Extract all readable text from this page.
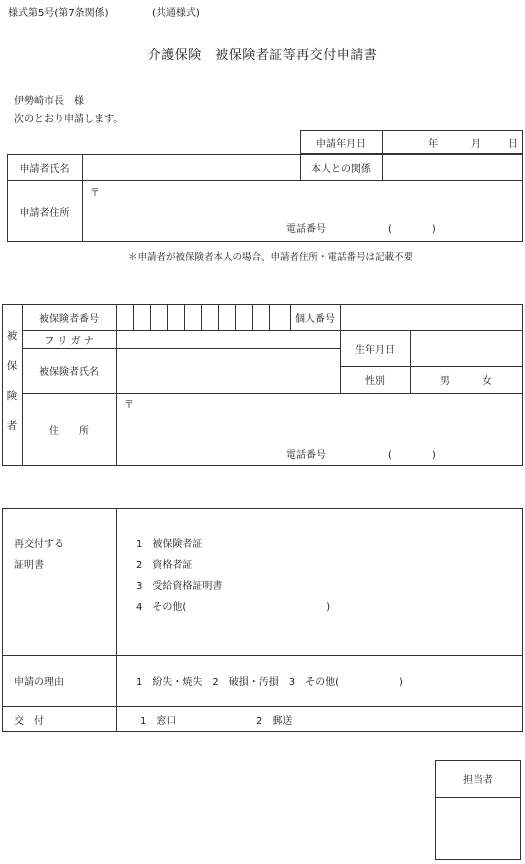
様式第5号(第7条関係)	(共通様式)
介護保険　被保険者証等再交付申請書
伊勢崎市長　様
次のとおり申請します。
申請年月日	年	月	日
申請者氏名	本人との関係
申請者住所
〒
電話番号	(　　　　)
＊申請者が被保険者本人の場合、申請者住所・電話番号は記載不要
被
保
険
者
被保険者番号	個人番号
フ リ ガ ナ
生年月日
被保険者氏名
性別	男	女
住　　所
〒
電話番号	(　　　　)
再交付する
証明書
1　被保険者証
2　資格者証
3　受給資格証明書
4　その他(　　　　　　　　　　　　　　)
申請の理由	1　紛失・焼失　2　破損・汚損　3　その他(　　　　　　)
交　付	1　窓口	2　郵送
担当者
